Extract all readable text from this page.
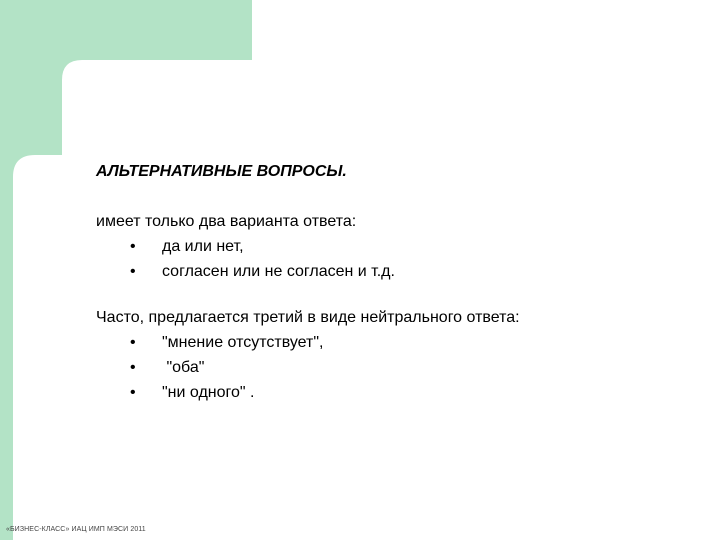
АЛЬТЕРНАТИВНЫЕ ВОПРОСЫ.
имеет только два варианта ответа:
• да или нет,
• согласен или не согласен и т.д.
Часто, предлагается третий в виде нейтрального ответа:
• "мнение отсутствует",
• "оба"
• "ни одного" .
«БИЗНЕС-КЛАСС» ИАЦ ИМП МЭСИ 2011
